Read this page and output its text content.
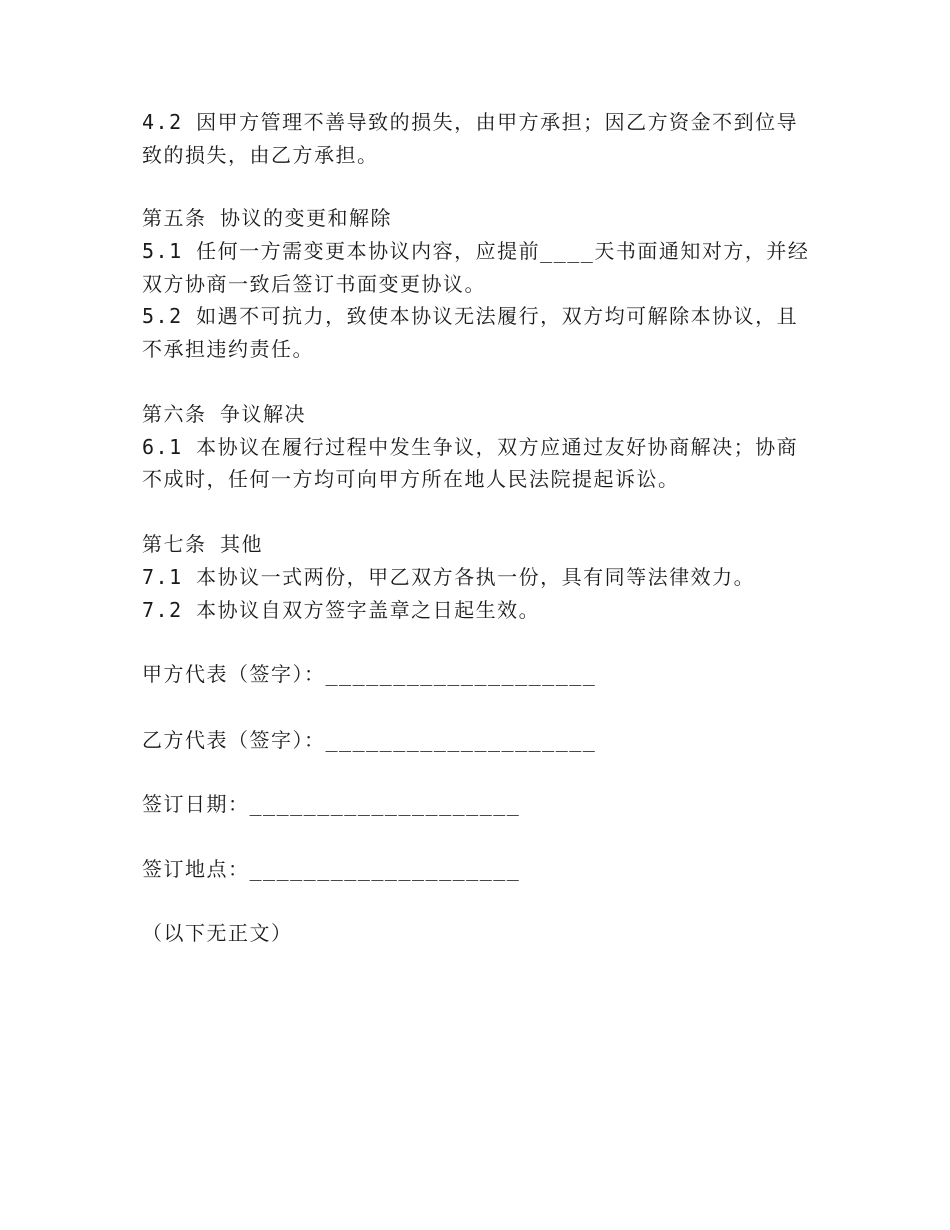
4.2 因甲方管理不善导致的损失，由甲方承担；因乙方资金不到位导
致的损失，由乙方承担。
第五条 协议的变更和解除
5.1 任何一方需变更本协议内容，应提前____天书面通知对方，并经
双方协商一致后签订书面变更协议。
5.2 如遇不可抗力，致使本协议无法履行，双方均可解除本协议，且
不承担违约责任。
第六条 争议解决
6.1 本协议在履行过程中发生争议，双方应通过友好协商解决；协商
不成时，任何一方均可向甲方所在地人民法院提起诉讼。
第七条 其他
7.1 本协议一式两份，甲乙双方各执一份，具有同等法律效力。
7.2 本协议自双方签字盖章之日起生效。
甲方代表（签字）：____________________
乙方代表（签字）：____________________
签订日期：____________________
签订地点：____________________
（以下无正文）
